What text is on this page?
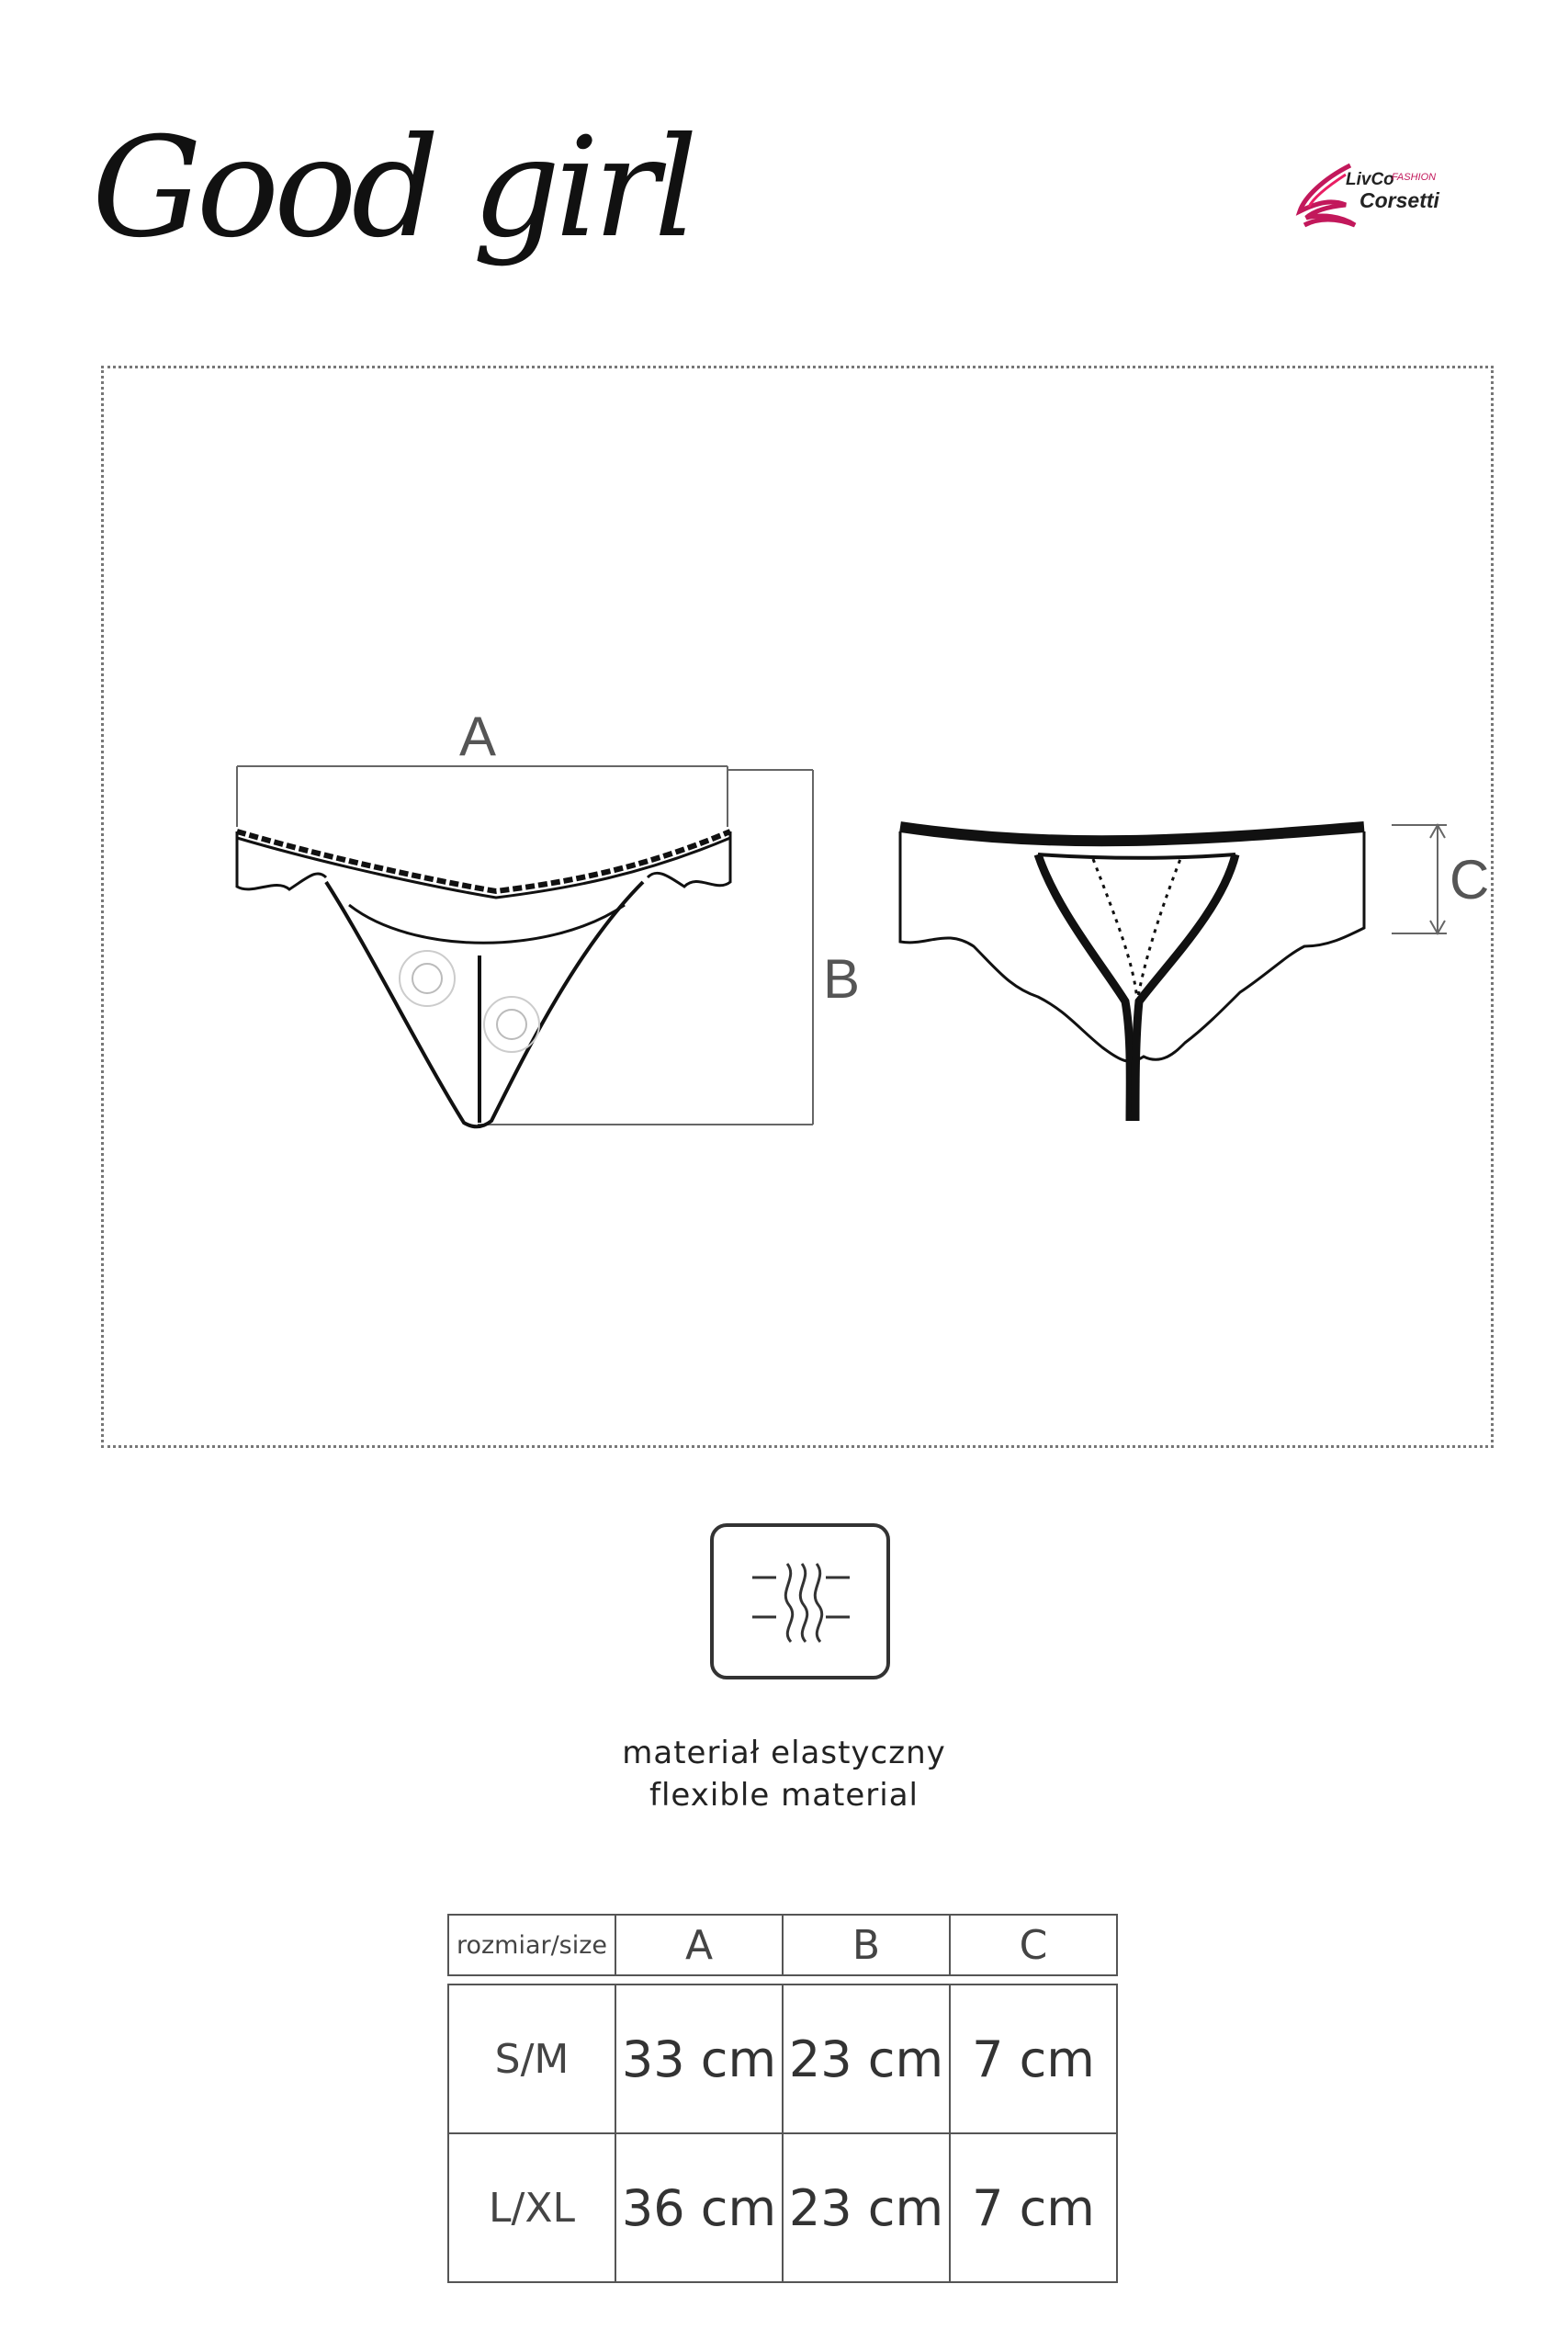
Good girl	LivCo
FASHION
Corsetti
A
B
C
materiał elastyczny
flexible material
rozmiar/size	A	B	C

S/M	33 cm	23 cm	7 cm
L/XL	36 cm	23 cm	7 cm
